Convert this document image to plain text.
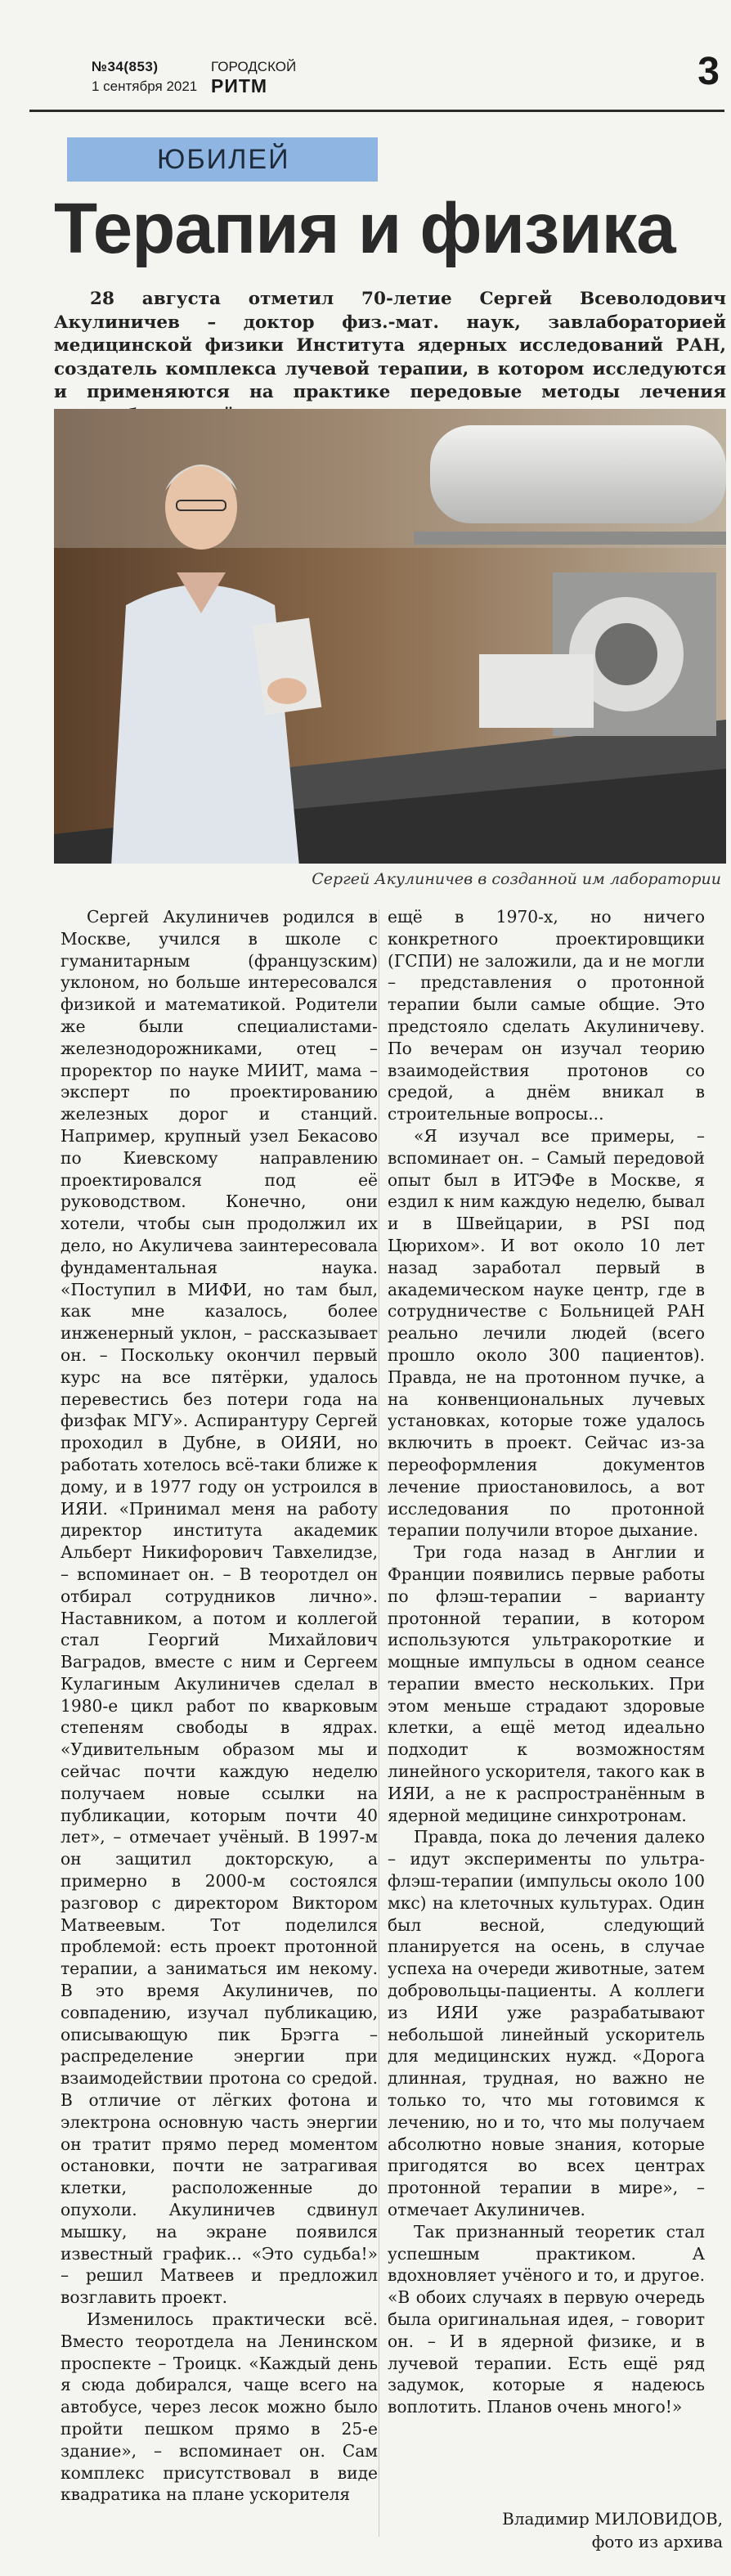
№34(853)
1 сентября 2021
ГОРОДСКОЙ
РИТМ	3
ЮБИЛЕЙ
Терапия и физика
28 августа отметил 70-летие Сергей Всеволодович Акулиничев – доктор физ.-мат. наук, завлабораторией медицинской физики Института ядерных исследований РАН, создатель комплекса лучевой терапии, в котором исследуются и применяются на практике передовые методы лечения
Сергей Акулиничев в созданной им лаборатории

Сергей Акулиничев родился в Москве, учился в школе с гуманитарным (французским) уклоном, но больше интересовался физикой и математикой. Родители же были специалистами-железнодорожниками, отец – проректор по науке МИИТ, мама – эксперт по проектированию железных дорог и станций. Например, крупный узел Бекасово по Киевскому направлению проектировался под её руководством. Конечно, они хотели, чтобы сын продолжил их дело, но Акуличева заинтересовала фундаментальная наука. «Поступил в МИФИ, но там был, как мне казалось, более инженерный уклон, – рассказывает он. – Поскольку окончил первый курс на все пятёрки, удалось перевестись без потери года на физфак МГУ». Аспирантуру Сергей проходил в Дубне, в ОИЯИ, но работать хотелось всё-таки ближе к дому, и в 1977 году он устроился в ИЯИ. «Принимал меня на работу директор института академик Альберт Никифорович Тавхелидзе, – вспоминает он. – В теоротдел он отбирал сотрудников лично». Наставником, а потом и коллегой стал Георгий Михайлович Ваградов, вместе с ним и Сергеем Кулагиным Акулиничев сделал в 1980-е цикл работ по кварковым степеням свободы в ядрах. «Удивительным образом мы и сейчас почти каждую неделю получаем новые ссылки на публикации, которым почти 40 лет», – отмечает учёный. В 1997-м он защитил докторскую, а примерно в 2000-м состоялся разговор с директором Виктором Матвеевым. Тот поделился проблемой: есть проект протонной терапии, а заниматься им некому. В это время Акулиничев, по совпадению, изучал публикацию, описывающую пик Брэгга – распределение энергии при взаимодействии протона со средой. В отличие от лёгких фотона и электрона основную часть энергии он тратит прямо перед моментом остановки, почти не затрагивая клетки, расположенные до опухоли. Акулиничев сдвинул мышку, на экране появился известный график... «Это судьба!» – решил Матвеев и предложил возглавить проект.

Изменилось практически всё. Вместо теоротдела на Ленинском проспекте – Троицк. «Каждый день я сюда добирался, чаще всего на автобусе, через лесок можно было пройти пешком прямо в 25-е здание», – вспоминает он. Сам комплекс присутствовал в виде квадратика на плане ускорителя

ещё в 1970-х, но ничего конкретного проектировщики (ГСПИ) не заложили, да и не могли – представления о протонной терапии были самые общие. Это предстояло сделать Акулиничеву. По вечерам он изучал теорию взаимодействия протонов со средой, а днём вникал в строительные вопросы...

«Я изучал все примеры, – вспоминает он. – Самый передовой опыт был в ИТЭФе в Москве, я ездил к ним каждую неделю, бывал и в Швейцарии, в PSI под Цюрихом». И вот около 10 лет назад заработал первый в академическом науке центр, где в сотрудничестве с Больницей РАН реально лечили людей (всего прошло около 300 пациентов). Правда, не на протонном пучке, а на конвенциональных лучевых установках, которые тоже удалось включить в проект. Сейчас из-за переоформления документов лечение приостановилось, а вот исследования по протонной терапии получили второе дыхание.

Три года назад в Англии и Франции появились первые работы по флэш-терапии – варианту протонной терапии, в котором используются ультракороткие и мощные импульсы в одном сеансе терапии вместо нескольких. При этом меньше страдают здоровые клетки, а ещё метод идеально подходит к возможностям линейного ускорителя, такого как в ИЯИ, а не к распространённым в ядерной медицине синхротронам.

Правда, пока до лечения далеко – идут эксперименты по ультра-флэш-терапии (импульсы около 100 мкс) на клеточных культурах. Один был весной, следующий планируется на осень, в случае успеха на очереди животные, затем добровольцы-пациенты. А коллеги из ИЯИ уже разрабатывают небольшой линейный ускоритель для медицинских нужд. «Дорога длинная, трудная, но важно не только то, что мы готовимся к лечению, но и то, что мы получаем абсолютно новые знания, которые пригодятся во всех центрах протонной терапии в мире», – отмечает Акулиничев.

Так признанный теоретик стал успешным практиком. А вдохновляет учёного и то, и другое. «В обоих случаях в первую очередь была оригинальная идея, – говорит он. – И в ядерной физике, и в лучевой терапии. Есть ещё ряд задумок, которые я надеюсь воплотить. Планов очень много!»

Владимир МИЛОВИДОВ,
фото из архива
